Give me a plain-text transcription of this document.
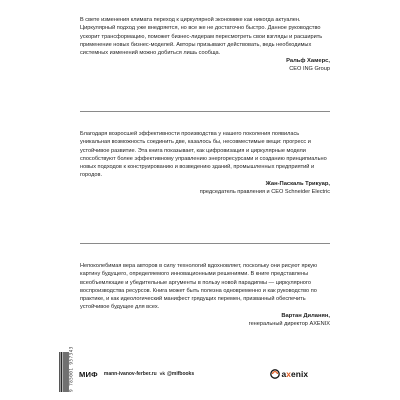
В свете изменения климата переход к циркулярной экономике как никогда актуален. Циркулярный подход уже внедряется, но все же не достаточно быстро. Данное руководство ускорит трансформацию, поможет бизнес-лидерам пересмотреть свои взгляды и расширить применение новых бизнес-моделей. Авторы призывают действовать, ведь необходимых системных изменений можно добиться лишь сообща.

Ральф Хамерс,
CEO ING Group

Благодаря возросшей эффективности производства у нашего поколения появилась уникальная возможность соединить две, казалось бы, несовместимые вещи: прогресс и устойчивое развитие. Эта книга показывает, как цифровизация и циркулярные модели способствуют более эффективному управлению энергоресурсами и созданию принципиально новых подходов к конструированию и возведению зданий, промышленных предприятий и городов.

Жан-Паскаль Трикуар,
председатель правления и CEO Schneider Electric

Непоколебимая вера авторов в силу технологий вдохновляет, поскольку они рисуют яркую картину будущего, определяемого инновационными решениями. В книге представлены всеобъемлющие и убедительные аргументы в пользу новой парадигмы — циркулярного воспроизводства ресурсов. Книга может быть полезна одновременно и как руководство по практике, и как идеологический манифест грядущих перемен, призванный обеспечить устойчивое будущее для всех.

Вартан Диланян,
генеральный директор AXENIX
9 785001 957343 МИФ mann-ivanov-ferber.ru vk @mifbooks	axenix
